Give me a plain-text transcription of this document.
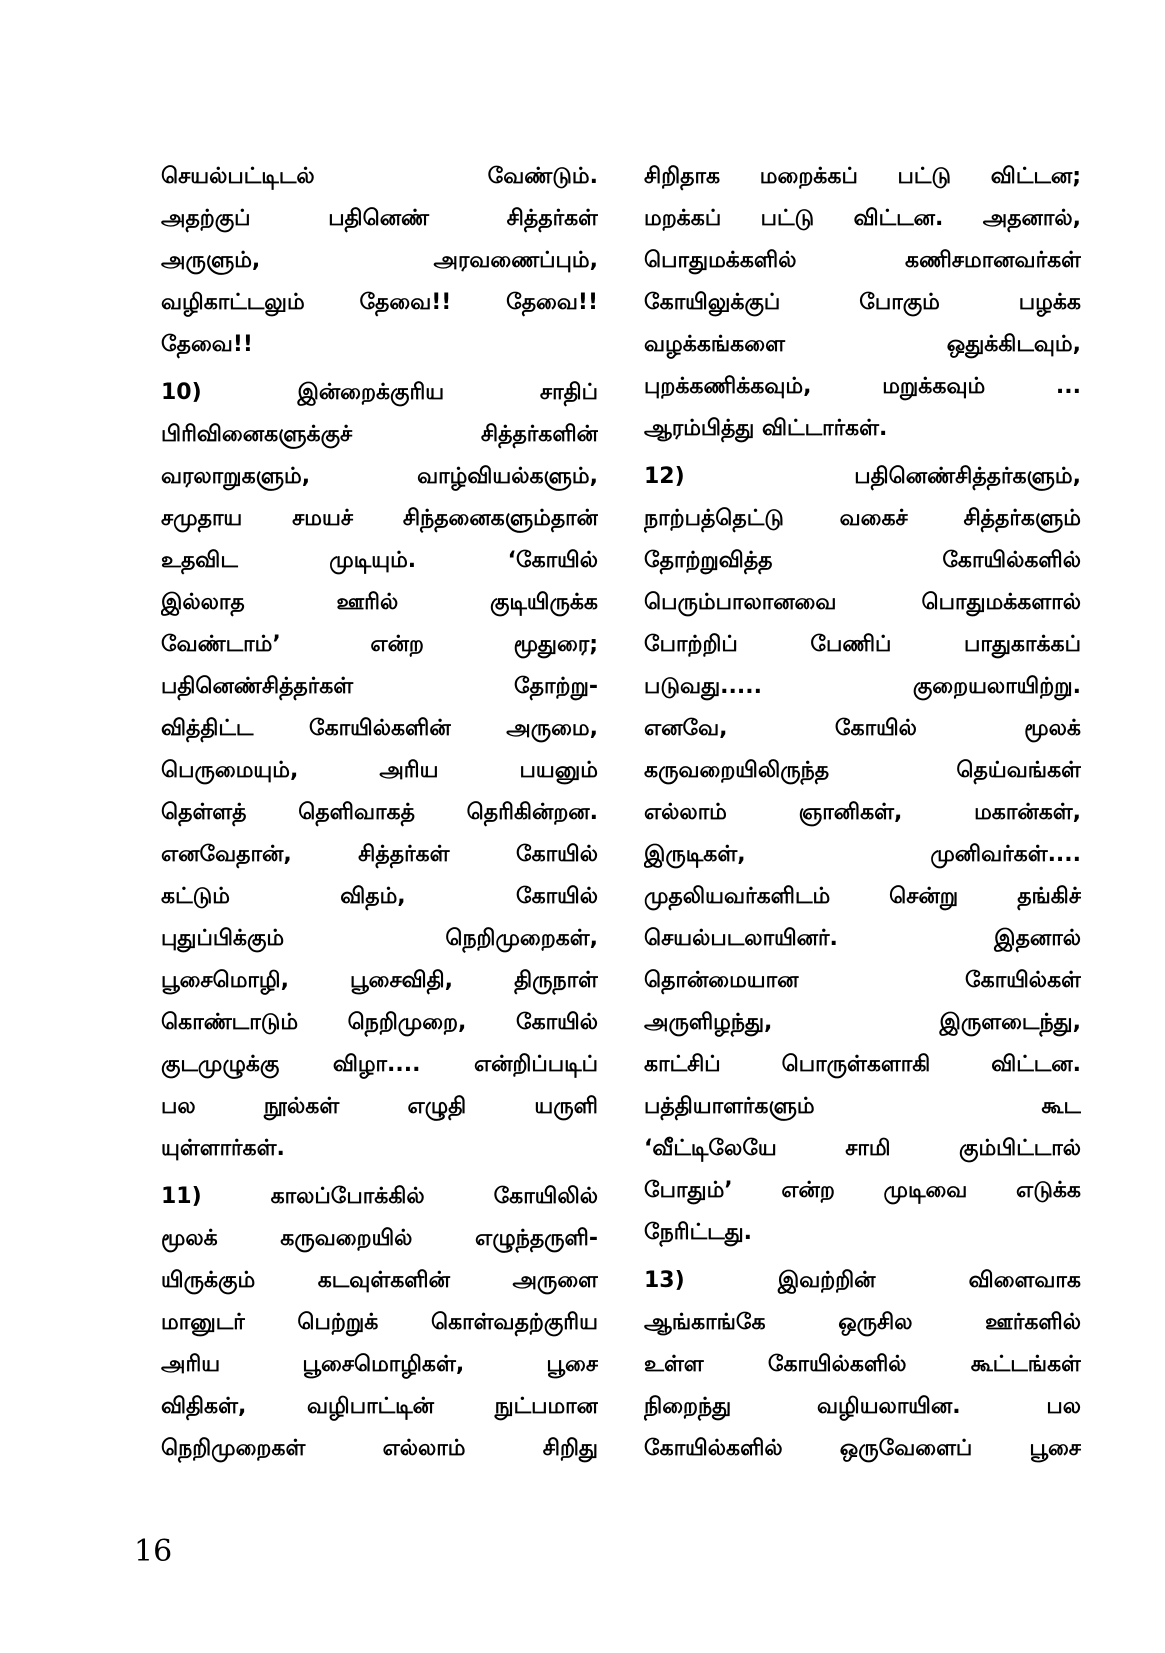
செயல்பட்டிடல் வேண்டும்.
அதற்குப் பதினெண் சித்தர்கள்
அருளும், அரவணைப்பும்,
வழிகாட்டலும் தேவை!! தேவை!!
தேவை!!
10) இன்றைக்குரிய சாதிப்
பிரிவினைகளுக்குச் சித்தர்களின்
வரலாறுகளும், வாழ்வியல்களும்,
சமுதாய சமயச் சிந்தனைகளும்தான்
உதவிட முடியும். ‘கோயில்
இல்லாத ஊரில் குடியிருக்க
வேண்டாம்’ என்ற மூதுரை;
பதினெண்சித்தர்கள் தோற்று-
வித்திட்ட கோயில்களின் அருமை,
பெருமையும், அரிய பயனும்
தெள்ளத் தெளிவாகத் தெரிகின்றன.
எனவேதான், சித்தர்கள் கோயில்
கட்டும் விதம், கோயில்
புதுப்பிக்கும் நெறிமுறைகள்,
பூசைமொழி, பூசைவிதி, திருநாள்
கொண்டாடும் நெறிமுறை, கோயில்
குடமுழுக்கு விழா.... என்றிப்படிப்
பல நூல்கள் எழுதி யருளி
யுள்ளார்கள்.
11) காலப்போக்கில் கோயிலில்
மூலக் கருவறையில் எழுந்தருளி-
யிருக்கும் கடவுள்களின் அருளை
மானுடர் பெற்றுக் கொள்வதற்குரிய
அரிய பூசைமொழிகள், பூசை
விதிகள், வழிபாட்டின் நுட்பமான
நெறிமுறைகள் எல்லாம் சிறிது
சிறிதாக மறைக்கப் பட்டு விட்டன;
மறக்கப் பட்டு விட்டன. அதனால்,
பொதுமக்களில் கணிசமானவர்கள்
கோயிலுக்குப் போகும் பழக்க
வழக்கங்களை ஒதுக்கிடவும்,
புறக்கணிக்கவும், மறுக்கவும் ...
ஆரம்பித்து விட்டார்கள்.
12) பதினெண்சித்தர்களும்,
நாற்பத்தெட்டு வகைச் சித்தர்களும்
தோற்றுவித்த கோயில்களில்
பெரும்பாலானவை பொதுமக்களால்
போற்றிப் பேணிப் பாதுகாக்கப்
படுவது..... குறையலாயிற்று.
எனவே, கோயில் மூலக்
கருவறையிலிருந்த தெய்வங்கள்
எல்லாம் ஞானிகள், மகான்கள்,
இருடிகள், முனிவர்கள்....
முதலியவர்களிடம் சென்று தங்கிச்
செயல்படலாயினர். இதனால்
தொன்மையான கோயில்கள்
அருளிழந்து, இருளடைந்து,
காட்சிப் பொருள்களாகி விட்டன.
பத்தியாளர்களும் கூட
‘வீட்டிலேயே சாமி கும்பிட்டால்
போதும்’ என்ற முடிவை எடுக்க
நேரிட்டது.
13) இவற்றின் விளைவாக
ஆங்காங்கே ஒருசில ஊர்களில்
உள்ள கோயில்களில் கூட்டங்கள்
நிறைந்து வழியலாயின. பல
கோயில்களில் ஒருவேளைப் பூசை
16
